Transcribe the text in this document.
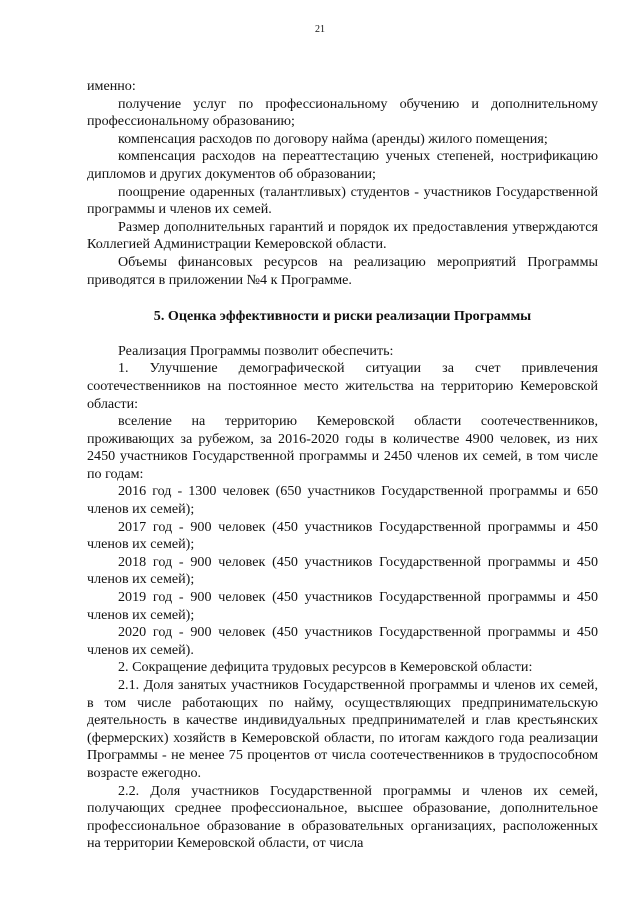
21

именно:

получение услуг по профессиональному обучению и дополнительному профессиональному образованию;

компенсация расходов по договору найма (аренды) жилого помещения;

компенсация расходов на переаттестацию ученых степеней, нострификацию дипломов и других документов об образовании;

поощрение одаренных (талантливых) студентов - участников Государственной программы и членов их семей.

Размер дополнительных гарантий и порядок их предоставления утверждаются Коллегией Администрации Кемеровской области.

Объемы финансовых ресурсов на реализацию мероприятий Программы приводятся в приложении №4 к Программе.

5. Оценка эффективности и риски реализации Программы

Реализация Программы позволит обеспечить:

1. Улучшение демографической ситуации за счет привлечения соотечественников на постоянное место жительства на территорию Кемеровской области:

вселение на территорию Кемеровской области соотечественников, проживающих за рубежом, за 2016-2020 годы в количестве 4900 человек, из них 2450 участников Государственной программы и 2450 членов их семей, в том числе по годам:

2016 год - 1300 человек (650 участников Государственной программы и 650 членов их семей);

2017 год - 900 человек (450 участников Государственной программы и 450 членов их семей);

2018 год - 900 человек (450 участников Государственной программы и 450 членов их семей);

2019 год - 900 человек (450 участников Государственной программы и 450 членов их семей);

2020 год - 900 человек (450 участников Государственной программы и 450 членов их семей).

2. Сокращение дефицита трудовых ресурсов в Кемеровской области:

2.1. Доля занятых участников Государственной программы и членов их семей, в том числе работающих по найму, осуществляющих предпринимательскую деятельность в качестве индивидуальных предпринимателей и глав крестьянских (фермерских) хозяйств в Кемеровской области, по итогам каждого года реализации Программы - не менее 75 процентов от числа соотечественников в трудоспособном возрасте ежегодно.

2.2. Доля участников Государственной программы и членов их семей, получающих среднее профессиональное, высшее образование, дополнительное профессиональное образование в образовательных организациях, расположенных на территории Кемеровской области, от числа
